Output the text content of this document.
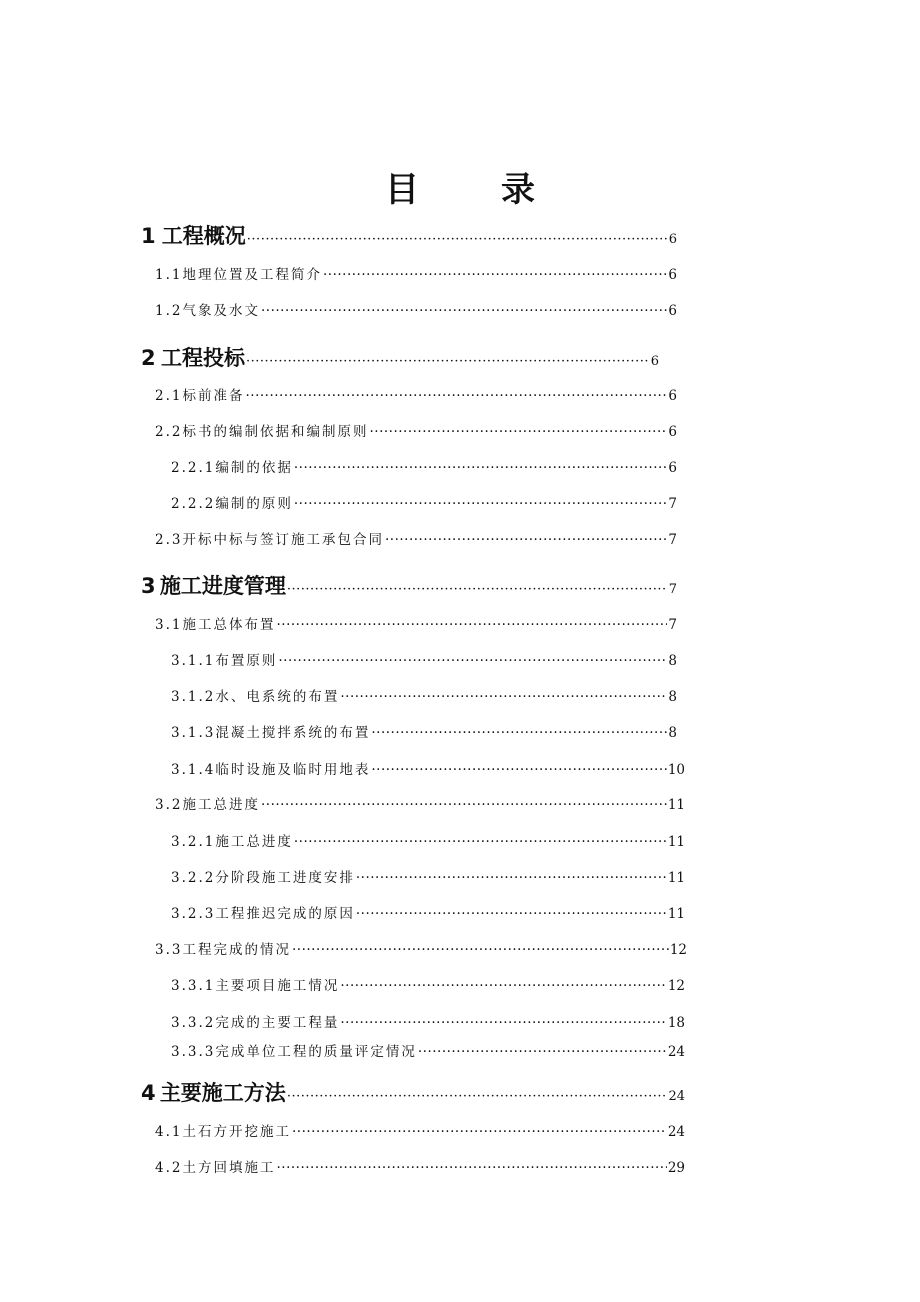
目 录
1 工程概况 ·····	6
1.1 地理位置及工程简介 ·····	6
1.2 气象及水文 ·····	6
2 工程投标 ·····	6
2.1 标前准备 ·····	6
2.2 标书的编制依据和编制原则 ·····	6
2.2.1 编制的依据 ·····	6
2.2.2 编制的原则 ·····	7
2.3 开标中标与签订施工承包合同 ·····	7
3 施工进度管理 ·····	7
3.1 施工总体布置 ·····	7
3.1.1 布置原则 ·····	8
3.1.2 水、电系统的布置 ·····	8
3.1.3 混凝土搅拌系统的布置 ·····	8
3.1.4 临时设施及临时用地表 ·····	10
3.2 施工总进度 ·····	11
3.2.1 施工总进度 ·····	11
3.2.2 分阶段施工进度安排 ·····	11
3.2.3 工程推迟完成的原因 ·····	11
3.3 工程完成的情况 ·····	12
3.3.1 主要项目施工情况 ·····	12
3.3.2 完成的主要工程量 ·····	18
3.3.3 完成单位工程的质量评定情况 ·····	24
4 主要施工方法 ·····	24
4.1 土石方开挖施工 ·····	24
4.2 土方回填施工 ·····	29
